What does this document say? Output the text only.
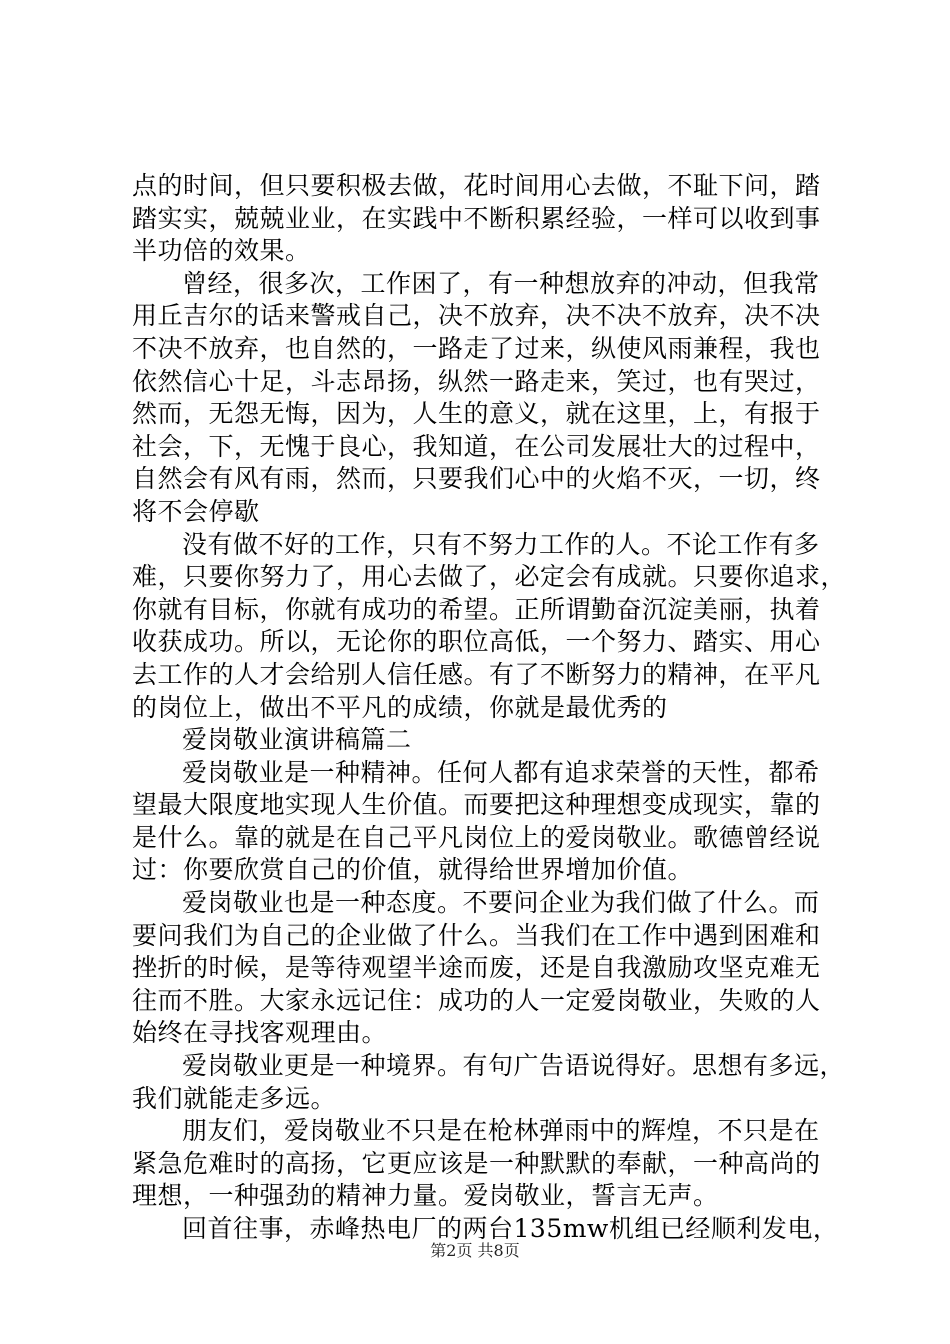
点的时间，但只要积极去做，花时间用心去做，不耻下问，踏
踏实实，兢兢业业，在实践中不断积累经验，一样可以收到事
半功倍的效果。
曾经，很多次，工作困了，有一种想放弃的冲动，但我常
用丘吉尔的话来警戒自己，决不放弃，决不决不放弃，决不决
不决不放弃，也自然的，一路走了过来，纵使风雨兼程，我也
依然信心十足，斗志昂扬，纵然一路走来，笑过，也有哭过，
然而，无怨无悔，因为，人生的意义，就在这里，上，有报于
社会，下，无愧于良心，我知道，在公司发展壮大的过程中，
自然会有风有雨，然而，只要我们心中的火焰不灭，一切，终
将不会停歇
没有做不好的工作，只有不努力工作的人。不论工作有多
难，只要你努力了，用心去做了，必定会有成就。只要你追求，
你就有目标，你就有成功的希望。正所谓勤奋沉淀美丽，执着
收获成功。所以，无论你的职位高低，一个努力、踏实、用心
去工作的人才会给别人信任感。有了不断努力的精神，在平凡
的岗位上，做出不平凡的成绩，你就是最优秀的
爱岗敬业演讲稿篇二
爱岗敬业是一种精神。任何人都有追求荣誉的天性，都希
望最大限度地实现人生价值。而要把这种理想变成现实，靠的
是什么。靠的就是在自己平凡岗位上的爱岗敬业。歌德曾经说
过：你要欣赏自己的价值，就得给世界增加价值。
爱岗敬业也是一种态度。不要问企业为我们做了什么。而
要问我们为自己的企业做了什么。当我们在工作中遇到困难和
挫折的时候，是等待观望半途而废，还是自我激励攻坚克难无
往而不胜。大家永远记住：成功的人一定爱岗敬业，失败的人
始终在寻找客观理由。
爱岗敬业更是一种境界。有句广告语说得好。思想有多远，
我们就能走多远。
朋友们，爱岗敬业不只是在枪林弹雨中的辉煌，不只是在
紧急危难时的高扬，它更应该是一种默默的奉献，一种高尚的
理想，一种强劲的精神力量。爱岗敬业，誓言无声。
回首往事，赤峰热电厂的两台135mw机组已经顺利发电，
第2页 共8页
